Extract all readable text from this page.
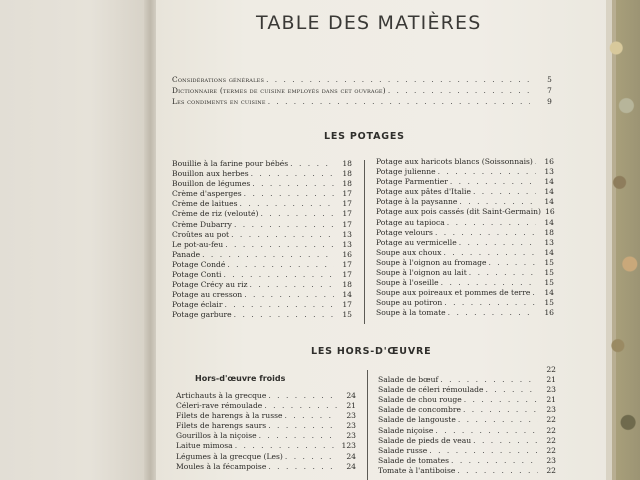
TABLE DES MATIÈRES
Considérations générales . . .	5
Dictionnaire (termes de cuisine employés dans cet ouvrage) . . .	7
Les condiments en cuisine . . .	9
LES POTAGES
Bouillie à la farine pour bébés . . .	18
Bouillon aux herbes . . .	18
Bouillon de légumes . . .	18
Crème d'asperges . . .	17
Crème de laitues . . .	17
Crème de riz (velouté) . . .	17
Crème Dubarry . . .	17
Croûtes au pot . . .	13
Le pot-au-feu . . .	13
Panade . . .	16
Potage Condé . . .	17
Potage Conti . . .	17
Potage Crécy au riz . . .	18
Potage au cresson . . .	14
Potage éclair . . .	17
Potage garbure . . .	15
Potage aux haricots blancs (Soissonnais) . . .	16
Potage julienne . . .	13
Potage Parmentier . . .	14
Potage aux pâtes d'Italie . . .	14
Potage à la paysanne . . .	14
Potage aux pois cassés (dit Saint-Germain) 16
Potage au tapioca . . .	14
Potage velours . . .	18
Potage au vermicelle . . .	13
Soupe aux choux . . .	14
Soupe à l'oignon au fromage . . .	15
Soupe à l'oignon au lait . . .	15
Soupe à l'oseille . . .	15
Soupe aux poireaux et pommes de terre . . .	14
Soupe au potiron . . .	15
Soupe à la tomate . . .	16
LES HORS-D'ŒUVRE
Hors-d'œuvre froids
Artichauts à la grecque . . .	24
Céleri-rave rémoulade . . .	21
Filets de harengs à la russe . . .	23
Filets de harengs saurs . . .	23
Gourillos à la niçoise . . .	23
Laitue mimosa . . .	123
Légumes à la grecque (Les) . . .	24
Moules à la fécampoise . . .	24
22
Salade de bœuf . . .	21
Salade de céleri rémoulade . . .	23
Salade de chou rouge . . .	21
Salade de concombre . . .	23
Salade de langouste . . .	22
Salade niçoise . . .	22
Salade de pieds de veau . . .	22
Salade russe . . .	22
Salade de tomates . . .	23
Tomate à l'antiboise . . .	22
